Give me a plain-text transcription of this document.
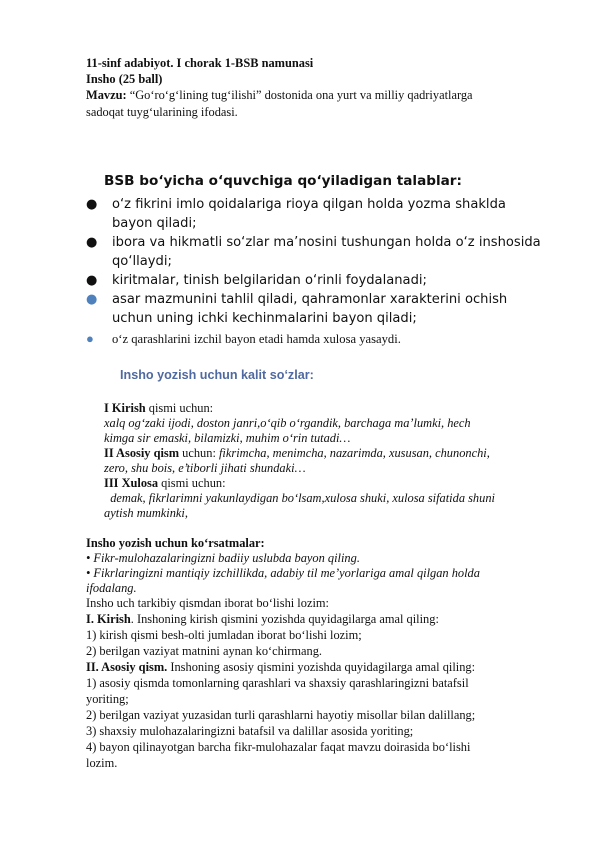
11-sinf adabiyot. I chorak 1-BSB namunasi
Insho (25 ball)
Mavzu: “Go‘ro‘g‘lining tug‘ilishi” dostonida ona yurt va milliy qadriyatlarga
sadoqat tuyg‘ularining ifodasi.
BSB bo‘yicha o‘quvchiga qo‘yiladigan talablar:
● o‘z fikrini imlo qoidalariga rioya qilgan holda yozma shaklda
bayon qiladi;
● ibora va hikmatli so‘zlar ma’nosini tushungan holda o‘z inshosida
qo‘llaydi;
● kiritmalar, tinish belgilaridan o‘rinli foydalanadi;
● asar mazmunini tahlil qiladi, qahramonlar xarakterini ochish
uchun uning ichki kechinmalarini bayon qiladi;
● o‘z qarashlarini izchil bayon etadi hamda xulosa yasaydi.
Insho yozish uchun kalit so‘zlar:
I Kirish qismi uchun:
xalq og‘zaki ijodi, doston janri,o‘qib o‘rgandik, barchaga ma’lumki, hech
kimga sir emaski, bilamizki, muhim o‘rin tutadi…
II Asosiy qism uchun: fikrimcha, menimcha, nazarimda, xususan, chunonchi,
zero, shu bois, e’tiborli jihati shundaki…
III Xulosa qismi uchun:
demak, fikrlarimni yakunlaydigan bo‘lsam,xulosa shuki, xulosa sifatida shuni
aytish mumkinki,
Insho yozish uchun ko‘rsatmalar:
• Fikr-mulohazalaringizni badiiy uslubda bayon qiling.
• Fikrlaringizni mantiqiy izchillikda, adabiy til me’yorlariga amal qilgan holda
ifodalang.
Insho uch tarkibiy qismdan iborat bo‘lishi lozim:
I. Kirish. Inshoning kirish qismini yozishda quyidagilarga amal qiling:
1) kirish qismi besh-olti jumladan iborat bo‘lishi lozim;
2) berilgan vaziyat matnini aynan ko‘chirmang.
II. Asosiy qism. Inshoning asosiy qismini yozishda quyidagilarga amal qiling:
1) asosiy qismda tomonlarning qarashlari va shaxsiy qarashlaringizni batafsil
yoriting;
2) berilgan vaziyat yuzasidan turli qarashlarni hayotiy misollar bilan dalillang;
3) shaxsiy mulohazalaringizni batafsil va dalillar asosida yoriting;
4) bayon qilinayotgan barcha fikr-mulohazalar faqat mavzu doirasida bo‘lishi
lozim.
